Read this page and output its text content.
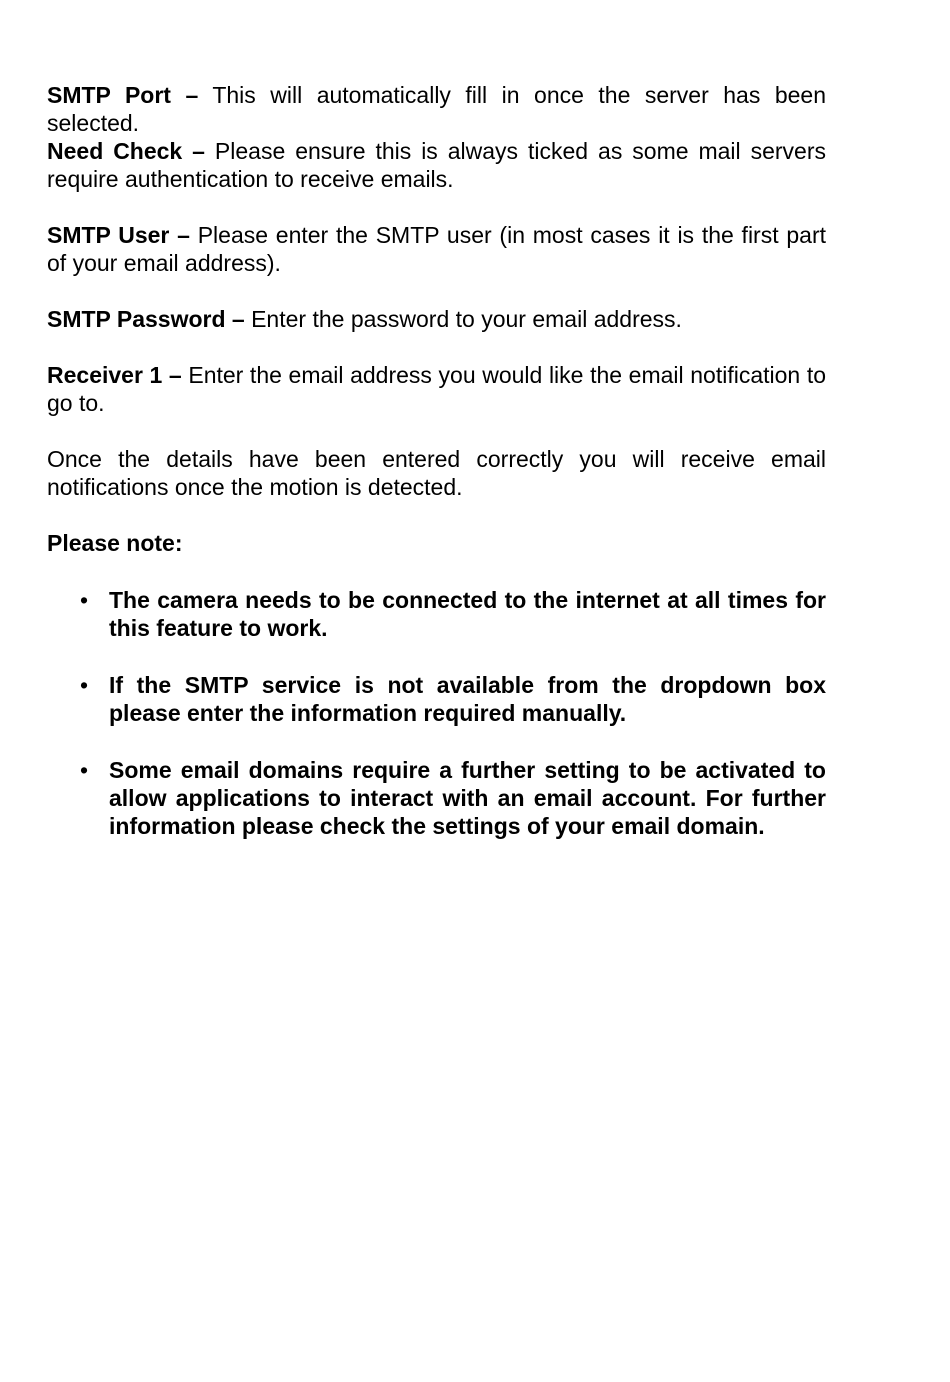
SMTP Port – This will automatically fill in once the server has been selected.

Need Check – Please ensure this is always ticked as some mail servers require authentication to receive emails.

SMTP User – Please enter the SMTP user (in most cases it is the first part of your email address).

SMTP Password – Enter the password to your email address.

Receiver 1 – Enter the email address you would like the email notification to go to.

Once the details have been entered correctly you will receive email notifications once the motion is detected.

Please note:

• The camera needs to be connected to the internet at all times for this feature to work.
• If the SMTP service is not available from the dropdown box please enter the information required manually.
• Some email domains require a further setting to be activated to allow applications to interact with an email account. For further information please check the settings of your email domain.
